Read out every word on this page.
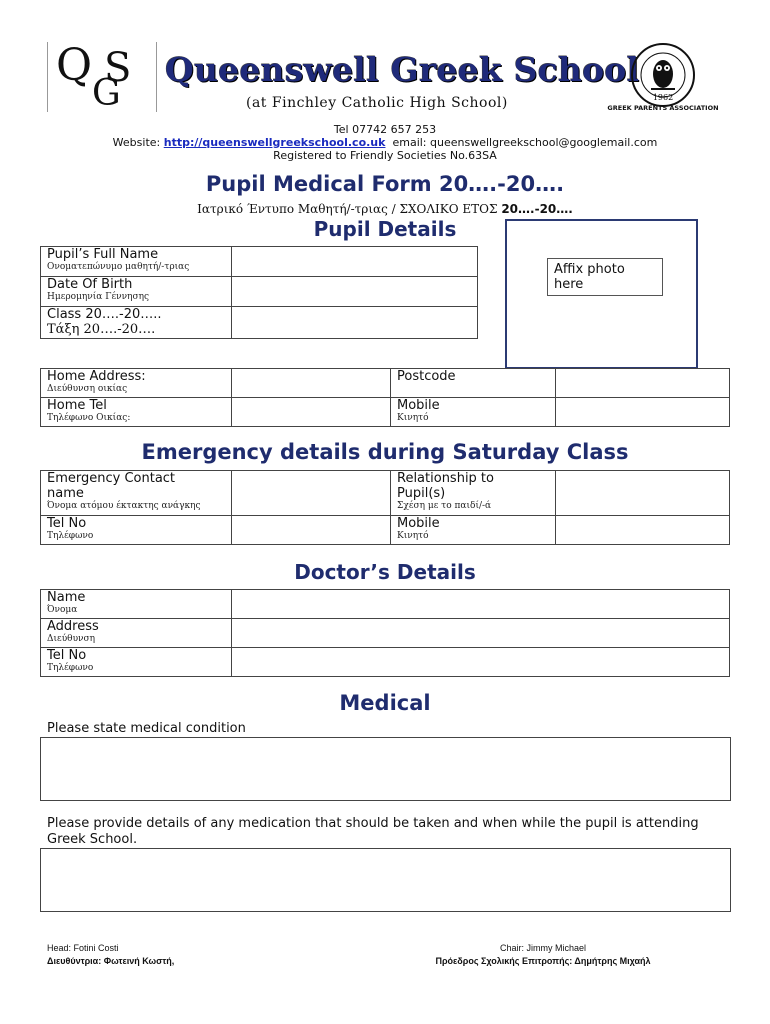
Q S
G
Queenswell Greek School
(at Finchley Catholic High School)	1962
GREEK PARENTS ASSOCIATION
Tel 07742 657 253
Website: http://queenswellgreekschool.co.uk email: queenswellgreekschool@googlemail.com
Registered to Friendly Societies No.63SA
Pupil Medical Form 20….-20….
Ιατρικό Έντυπο Μαθητή/-τριας / ΣΧΟΛΙΚΟ ΕΤΟΣ 20….-20….
Pupil Details
Pupil’s Full Name
Ονοματεπώνυμο μαθητή/-τριας	

Date Of Birth
Ημερομηνία Γέννησης	

Class 20….-20…..
Τάξη 20….-20….	

Affix photo here
Home Address:
Διεύθυνση οικίας		Postcode	

Home Tel
Τηλέφωνο Οικίας:		Mobile
Κινητό	

Emergency details during Saturday Class
Emergency Contact name
Όνομα ατόμου έκτακτης ανάγκης		Relationship to Pupil(s)
Σχέση με το παιδί/-ά	

Tel No
Τηλέφωνο		Mobile
Κινητό	

Doctor’s Details
Name
Όνομα	

Address
Διεύθυνση	

Tel No
Τηλέφωνο	

Medical
Please state medical condition
Please provide details of any medication that should be taken and when while the pupil is attending Greek School.
Head: Fotini Costi
Διευθύντρια: Φωτεινή Κωστή,
Chair: Jimmy Michael
Πρόεδρος Σχολικής Επιτροπής: Δημήτρης Μιχαήλ
